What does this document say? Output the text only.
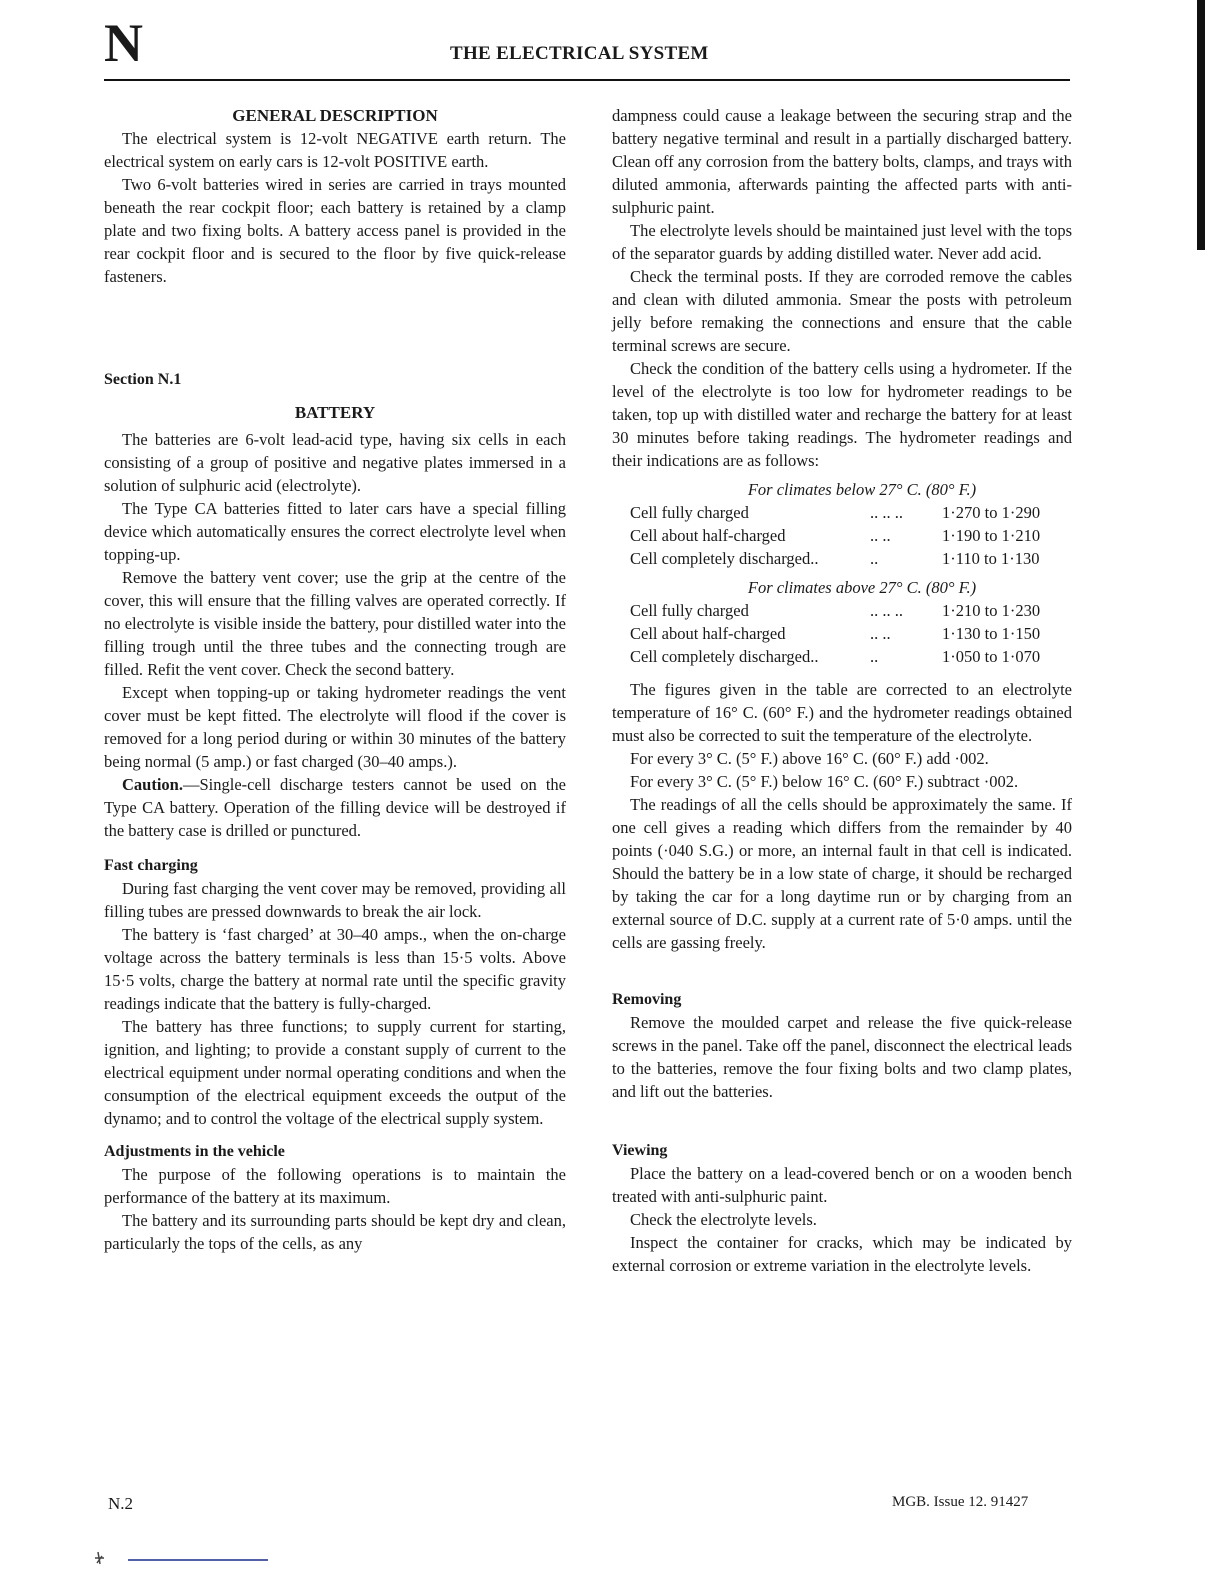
N	THE ELECTRICAL SYSTEM
GENERAL DESCRIPTION

The electrical system is 12-volt NEGATIVE earth return. The electrical system on early cars is 12-volt POSITIVE earth.

Two 6-volt batteries wired in series are carried in trays mounted beneath the rear cockpit floor; each battery is retained by a clamp plate and two fixing bolts. A battery access panel is provided in the rear cockpit floor and is secured to the floor by five quick-release fasteners.

Section N.1
BATTERY

The batteries are 6-volt lead-acid type, having six cells in each consisting of a group of positive and negative plates immersed in a solution of sulphuric acid (electrolyte).

The Type CA batteries fitted to later cars have a special filling device which automatically ensures the correct electrolyte level when topping-up.

Remove the battery vent cover; use the grip at the centre of the cover, this will ensure that the filling valves are operated correctly. If no electrolyte is visible inside the battery, pour distilled water into the filling trough until the three tubes and the connecting trough are filled. Refit the vent cover. Check the second battery.

Except when topping-up or taking hydrometer readings the vent cover must be kept fitted. The electrolyte will flood if the cover is removed for a long period during or within 30 minutes of the battery being normal (5 amp.) or fast charged (30–40 amps.).

Caution.—Single-cell discharge testers cannot be used on the Type CA battery. Operation of the filling device will be destroyed if the battery case is drilled or punctured.

Fast charging

During fast charging the vent cover may be removed, providing all filling tubes are pressed downwards to break the air lock.

The battery is ‘fast charged’ at 30–40 amps., when the on-charge voltage across the battery terminals is less than 15·5 volts. Above 15·5 volts, charge the battery at normal rate until the specific gravity readings indicate that the battery is fully-charged.

The battery has three functions; to supply current for starting, ignition, and lighting; to provide a constant supply of current to the electrical equipment under normal operating conditions and when the consumption of the electrical equipment exceeds the output of the dynamo; and to control the voltage of the electrical supply system.

Adjustments in the vehicle

The purpose of the following operations is to maintain the performance of the battery at its maximum.

The battery and its surrounding parts should be kept dry and clean, particularly the tops of the cells, as any

dampness could cause a leakage between the securing strap and the battery negative terminal and result in a partially discharged battery. Clean off any corrosion from the battery bolts, clamps, and trays with diluted ammonia, afterwards painting the affected parts with anti-sulphuric paint.

The electrolyte levels should be maintained just level with the tops of the separator guards by adding distilled water. Never add acid.

Check the terminal posts. If they are corroded remove the cables and clean with diluted ammonia. Smear the posts with petroleum jelly before remaking the connections and ensure that the cable terminal screws are secure.

Check the condition of the battery cells using a hydrometer. If the level of the electrolyte is too low for hydrometer readings to be taken, top up with distilled water and recharge the battery for at least 30 minutes before taking readings. The hydrometer readings and their indications are as follows:

For climates below 27° C. (80° F.)
Cell fully charged	.. .. ..	1·270 to 1·290
Cell about half-charged	.. ..	1·190 to 1·210
Cell completely discharged..	..	1·110 to 1·130
For climates above 27° C. (80° F.)
Cell fully charged	.. .. ..	1·210 to 1·230
Cell about half-charged	.. ..	1·130 to 1·150
Cell completely discharged..	..	1·050 to 1·070

The figures given in the table are corrected to an electrolyte temperature of 16° C. (60° F.) and the hydrometer readings obtained must also be corrected to suit the temperature of the electrolyte.

For every 3° C. (5° F.) above 16° C. (60° F.) add ·002.

For every 3° C. (5° F.) below 16° C. (60° F.) subtract ·002.

The readings of all the cells should be approximately the same. If one cell gives a reading which differs from the remainder by 40 points (·040 S.G.) or more, an internal fault in that cell is indicated. Should the battery be in a low state of charge, it should be recharged by taking the car for a long daytime run or by charging from an external source of D.C. supply at a current rate of 5·0 amps. until the cells are gassing freely.

Removing

Remove the moulded carpet and release the five quick-release screws in the panel. Take off the panel, disconnect the electrical leads to the batteries, remove the four fixing bolts and two clamp plates, and lift out the batteries.

Viewing

Place the battery on a lead-covered bench or on a wooden bench treated with anti-sulphuric paint.

Check the electrolyte levels.

Inspect the container for cracks, which may be indicated by external corrosion or extreme variation in the electrolyte levels.

N.2	MGB. Issue 12. 91427
